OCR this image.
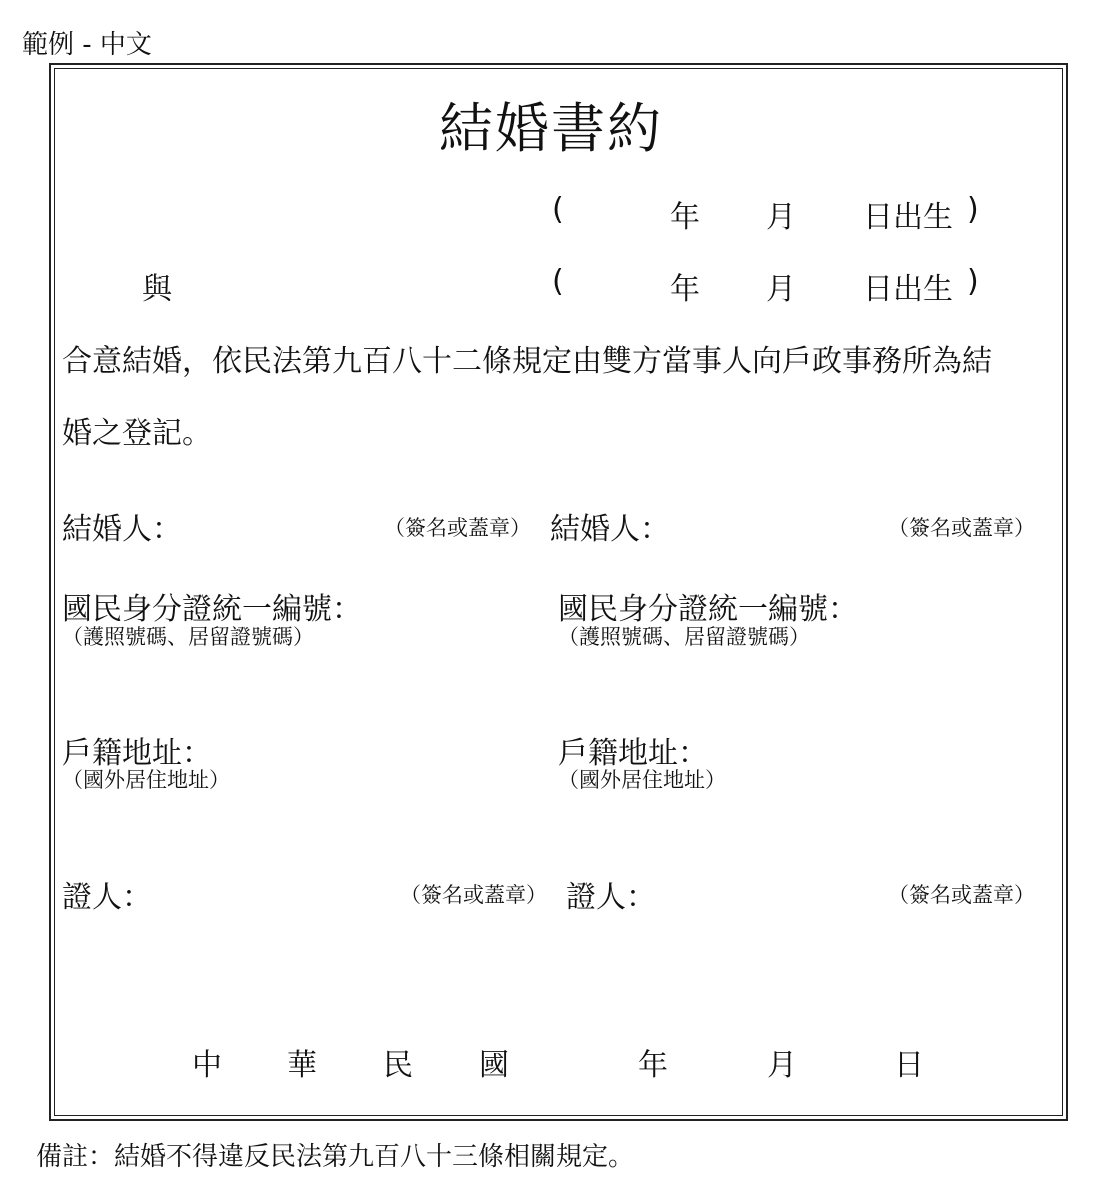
範例 - 中文
結婚書約
(	年 月 日出生 )
與	(	年 月 日出生 )
合意結婚，依民法第九百八十二條規定由雙方當事人向戶政事務所為結
婚之登記。
結婚人：	（簽名或蓋章） 結婚人：	（簽名或蓋章）
國民身分證統一編號：
（護照號碼、居留證號碼）
國民身分證統一編號：
（護照號碼、居留證號碼）
戶籍地址：
（國外居住地址）
戶籍地址：
（國外居住地址）
證人：	（簽名或蓋章） 證人：	（簽名或蓋章）
中 華 民 國	年	月	日
備註：結婚不得違反民法第九百八十三條相關規定。
